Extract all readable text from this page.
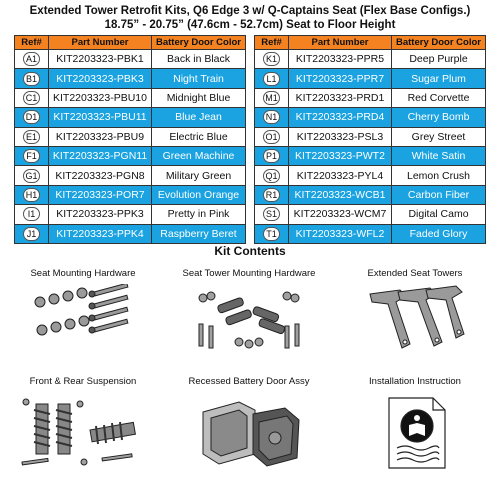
Extended Tower Retrofit Kits, Q6 Edge 3 w/ Q-Captains Seat (Flex Base Configs.)
18.75” - 20.75” (47.6cm - 52.7cm) Seat to Floor Height
Ref#	Part Number	Battery Door Color
A1	KIT2203323-PBK1	Back in Black
B1	KIT2203323-PBK3	Night Train
C1	KIT2203323-PBU10	Midnight Blue
D1	KIT2203323-PBU11	Blue Jean
E1	KIT2203323-PBU9	Electric Blue
F1	KIT2203323-PGN11	Green Machine
G1	KIT2203323-PGN8	Military Green
H1	KIT2203323-POR7	Evolution Orange
I1	KIT2203323-PPK3	Pretty in Pink
J1	KIT2203323-PPK4	Raspberry Beret
Ref#	Part Number	Battery Door Color
K1	KIT2203323-PPR5	Deep Purple
L1	KIT2203323-PPR7	Sugar Plum
M1	KIT2203323-PRD1	Red Corvette
N1	KIT2203323-PRD4	Cherry Bomb
O1	KIT2203323-PSL3	Grey Street
P1	KIT2203323-PWT2	White Satin
Q1	KIT2203323-PYL4	Lemon Crush
R1	KIT2203323-WCB1	Carbon Fiber
S1	KIT2203323-WCM7	Digital Camo
T1	KIT2203323-WFL2	Faded Glory
Kit Contents
Seat Mounting Hardware	Seat Tower Mounting Hardware	Extended Seat Towers
Front & Rear Suspension	Recessed Battery Door Assy	Installation Instruction
